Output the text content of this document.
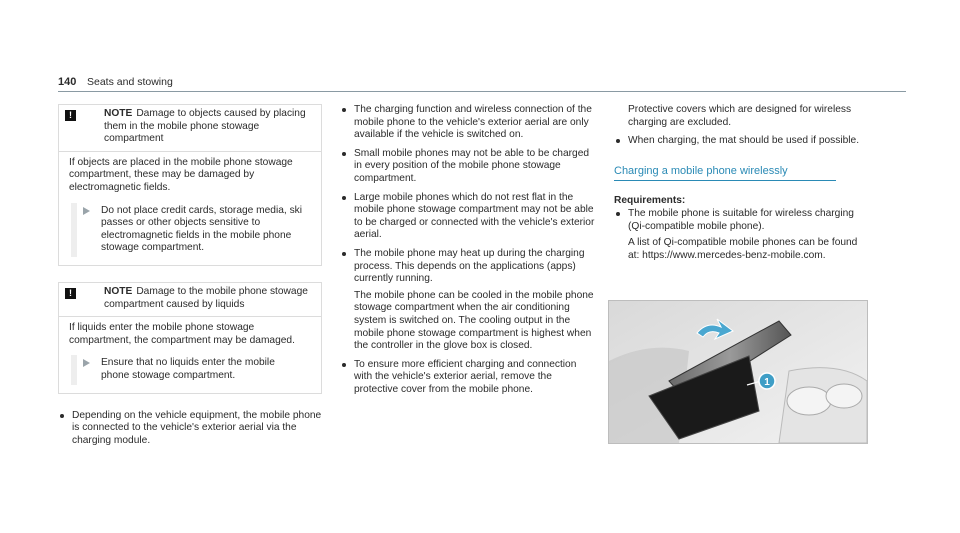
140 Seats and stowing
!	NOTE Damage to objects caused by placing them in the mobile phone stowage compartment

If objects are placed in the mobile phone stowage compartment, these may be damaged by electromagnetic fields.

Do not place credit cards, storage media, ski passes or other objects sensitive to electromagnetic fields in the mobile phone stowage compartment.
!	NOTE Damage to the mobile phone stowage compartment caused by liquids

If liquids enter the mobile phone stowage compartment, the compartment may be damaged.

Ensure that no liquids enter the mobile phone stowage compartment.
Depending on the vehicle equipment, the mobile phone is connected to the vehicle's exterior aerial via the charging module.
The charging function and wireless connection of the mobile phone to the vehicle's exterior aerial are only available if the vehicle is switched on.
Small mobile phones may not be able to be charged in every position of the mobile phone stowage compartment.
Large mobile phones which do not rest flat in the mobile phone stowage compartment may not be able to be charged or connected with the vehicle's exterior aerial.
The mobile phone may heat up during the charging process. This depends on the applications (apps) currently running.

The mobile phone can be cooled in the mobile phone stowage compartment when the air conditioning system is switched on. The cooling output in the mobile phone stowage compartment is highest when the controller in the glove box is closed.

To ensure more efficient charging and connection with the vehicle's exterior aerial, remove the protective cover from the mobile phone.

Protective covers which are designed for wireless charging are excluded.

When charging, the mat should be used if possible.
Charging a mobile phone wirelessly
Requirements:
The mobile phone is suitable for wireless charging (Qi-compatible mobile phone).

A list of Qi-compatible mobile phones can be found at: https://www.mercedes-benz-mobile.com.

1
